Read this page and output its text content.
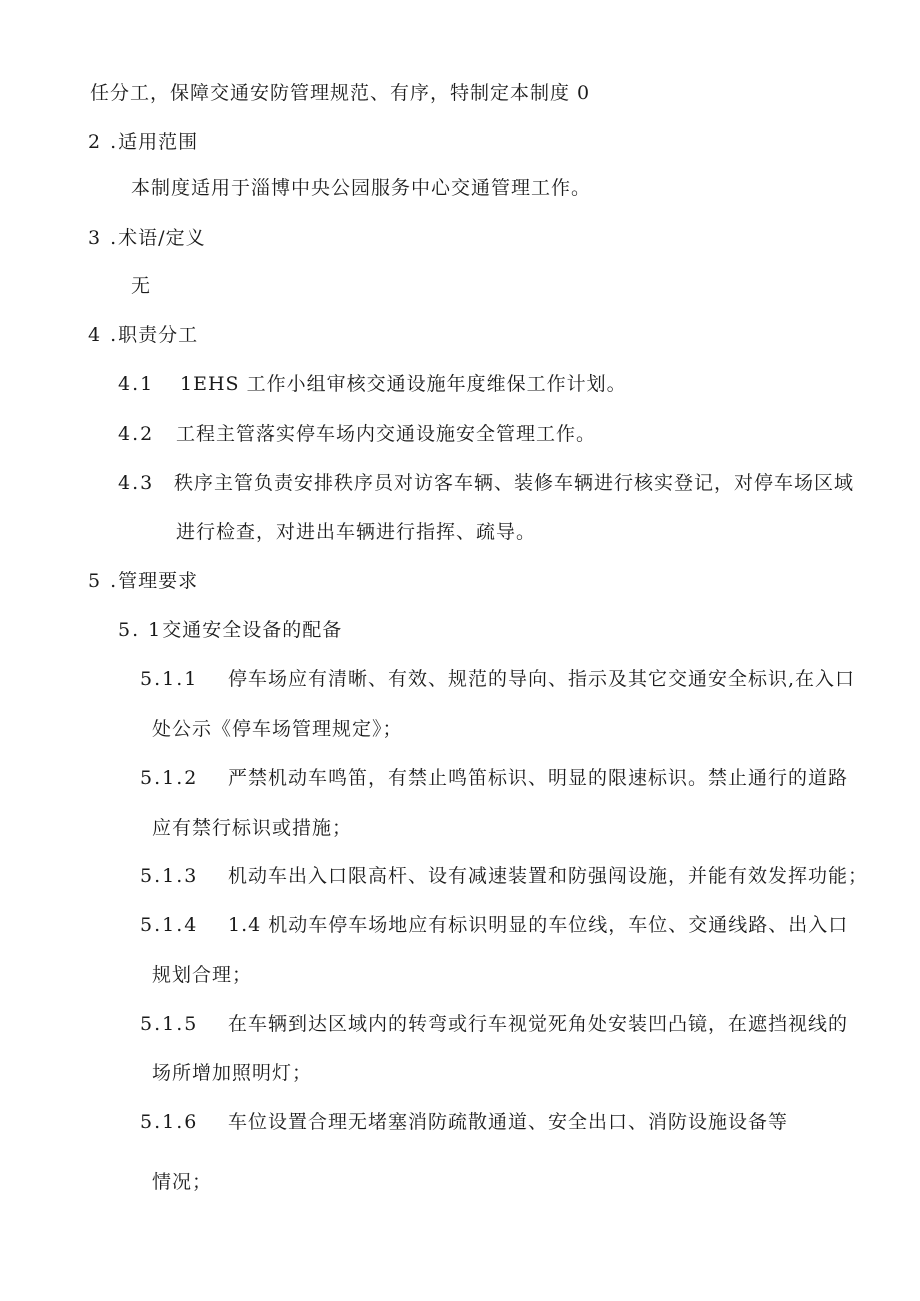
任分工，保障交通安防管理规范、有序，特制定本制度 0
2 .适用范围
本制度适用于淄博中央公园服务中心交通管理工作。
3 .术语/定义
无
4 .职责分工
4.1 1EHS 工作小组审核交通设施年度维保工作计划。
4.2 工程主管落实停车场内交通设施安全管理工作。
4.3 秩序主管负责安排秩序员对访客车辆、装修车辆进行核实登记，对停车场区域
进行检查，对进出车辆进行指挥、疏导。
5 .管理要求
5. 1交通安全设备的配备
5.1.1 停车场应有清晰、有效、规范的导向、指示及其它交通安全标识,在入口
处公示《停车场管理规定》；
5.1.2 严禁机动车鸣笛，有禁止鸣笛标识、明显的限速标识。禁止通行的道路
应有禁行标识或措施；
5.1.3 机动车出入口限高杆、设有减速装置和防强闯设施，并能有效发挥功能；
5.1.4 1.4 机动车停车场地应有标识明显的车位线，车位、交通线路、出入口
规划合理；
5.1.5 在车辆到达区域内的转弯或行车视觉死角处安装凹凸镜，在遮挡视线的
场所增加照明灯；
5.1.6 车位设置合理无堵塞消防疏散通道、安全出口、消防设施设备等
情况；
